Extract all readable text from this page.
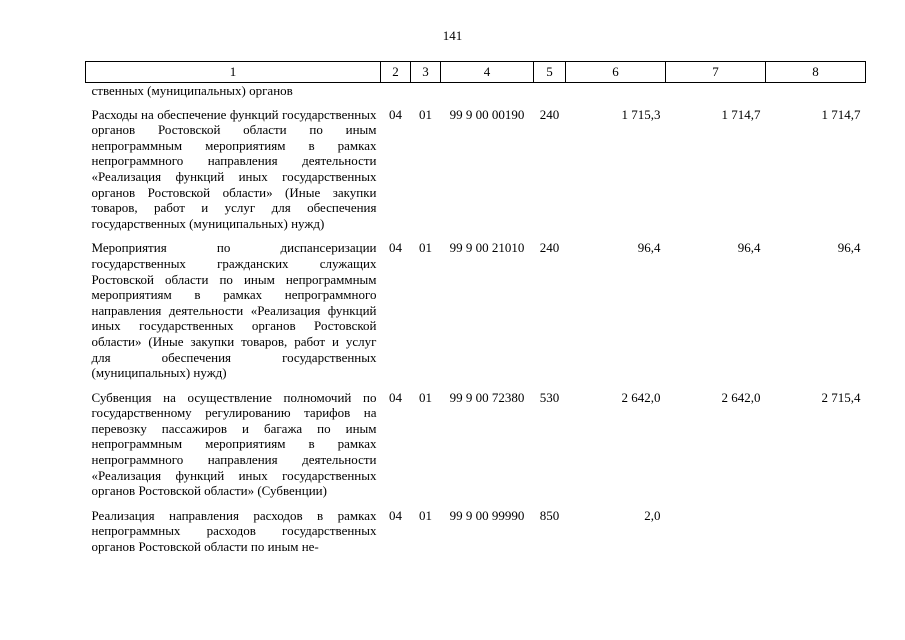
141
1	2	3	4	5	6	7	8
ственных (муниципальных) органов							
Расходы на обеспечение функций государственных органов Ростовской области по иным непрограммным мероприятиям в рамках непрограммного направления деятельности «Реализация функций иных государственных органов Ростовской области» (Иные закупки товаров, работ и услуг для обеспечения государственных (муниципальных) нужд)	04	01	99 9 00 00190	240	1 715,3	1 714,7	1 714,7
Мероприятия по диспансеризации государственных гражданских служащих Ростовской области по иным непрограммным мероприятиям в рамках непрограммного направления деятельности «Реализация функций иных государственных органов Ростовской области» (Иные закупки товаров, работ и услуг для обеспечения государственных (муниципальных) нужд)	04	01	99 9 00 21010	240	96,4	96,4	96,4
Субвенция на осуществление полномочий по государственному регулированию тарифов на перевозку пассажиров и багажа по иным непрограммным мероприятиям в рамках непрограммного направления деятельности «Реализация функций иных государственных органов Ростовской области» (Субвенции)	04	01	99 9 00 72380	530	2 642,0	2 642,0	2 715,4
Реализация направления расходов в рамках непрограммных расходов государственных органов Ростовской области по иным не-	04	01	99 9 00 99990	850	2,0		
